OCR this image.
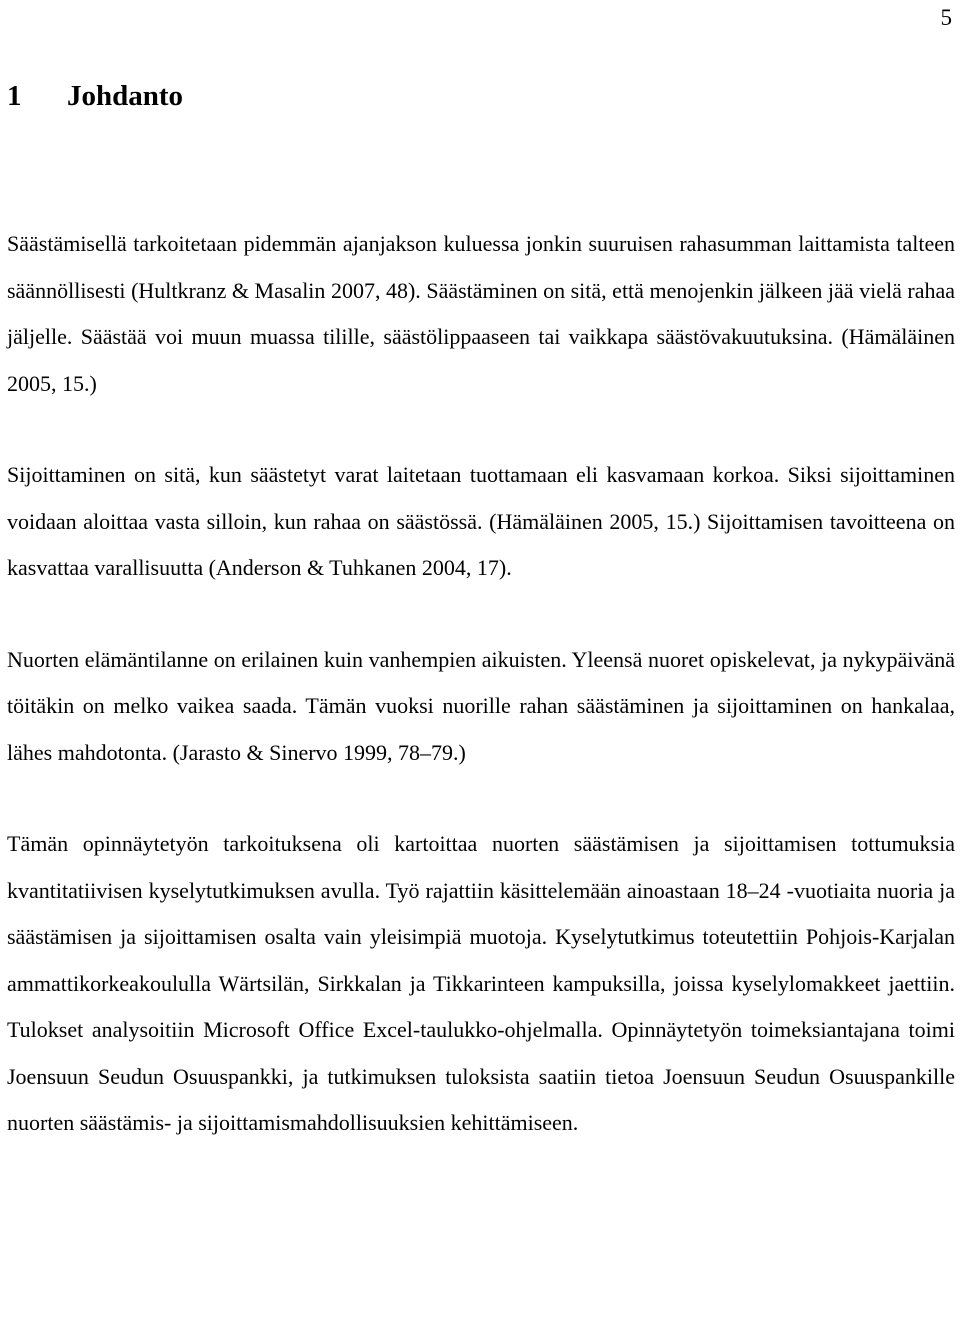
5
1 Johdanto

Säästämisellä tarkoitetaan pidemmän ajanjakson kuluessa jonkin suuruisen rahasumman laittamista talteen säännöllisesti (Hultkranz & Masalin 2007, 48). Säästäminen on sitä, että menojenkin jälkeen jää vielä rahaa jäljelle. Säästää voi muun muassa tilille, säästölippaaseen tai vaikkapa säästövakuutuksina. (Hämäläinen 2005, 15.)

Sijoittaminen on sitä, kun säästetyt varat laitetaan tuottamaan eli kasvamaan korkoa. Siksi sijoittaminen voidaan aloittaa vasta silloin, kun rahaa on säästössä. (Hämäläinen 2005, 15.) Sijoittamisen tavoitteena on kasvattaa varallisuutta (Anderson & Tuhkanen 2004, 17).

Nuorten elämäntilanne on erilainen kuin vanhempien aikuisten. Yleensä nuoret opiskelevat, ja nykypäivänä töitäkin on melko vaikea saada. Tämän vuoksi nuorille rahan säästäminen ja sijoittaminen on hankalaa, lähes mahdotonta. (Jarasto & Sinervo 1999, 78–79.)

Tämän opinnäytetyön tarkoituksena oli kartoittaa nuorten säästämisen ja sijoittamisen tottumuksia kvantitatiivisen kyselytutkimuksen avulla. Työ rajattiin käsittelemään ainoastaan 18–24 -vuotiaita nuoria ja säästämisen ja sijoittamisen osalta vain yleisimpiä muotoja. Kyselytutkimus toteutettiin Pohjois-Karjalan ammattikorkeakoululla Wärtsilän, Sirkkalan ja Tikkarinteen kampuksilla, joissa kyselylomakkeet jaettiin. Tulokset analysoitiin Microsoft Office Excel-taulukko-ohjelmalla. Opinnäytetyön toimeksiantajana toimi Joensuun Seudun Osuuspankki, ja tutkimuksen tuloksista saatiin tietoa Joensuun Seudun Osuuspankille nuorten säästämis- ja sijoittamismahdollisuuksien kehittämiseen.
